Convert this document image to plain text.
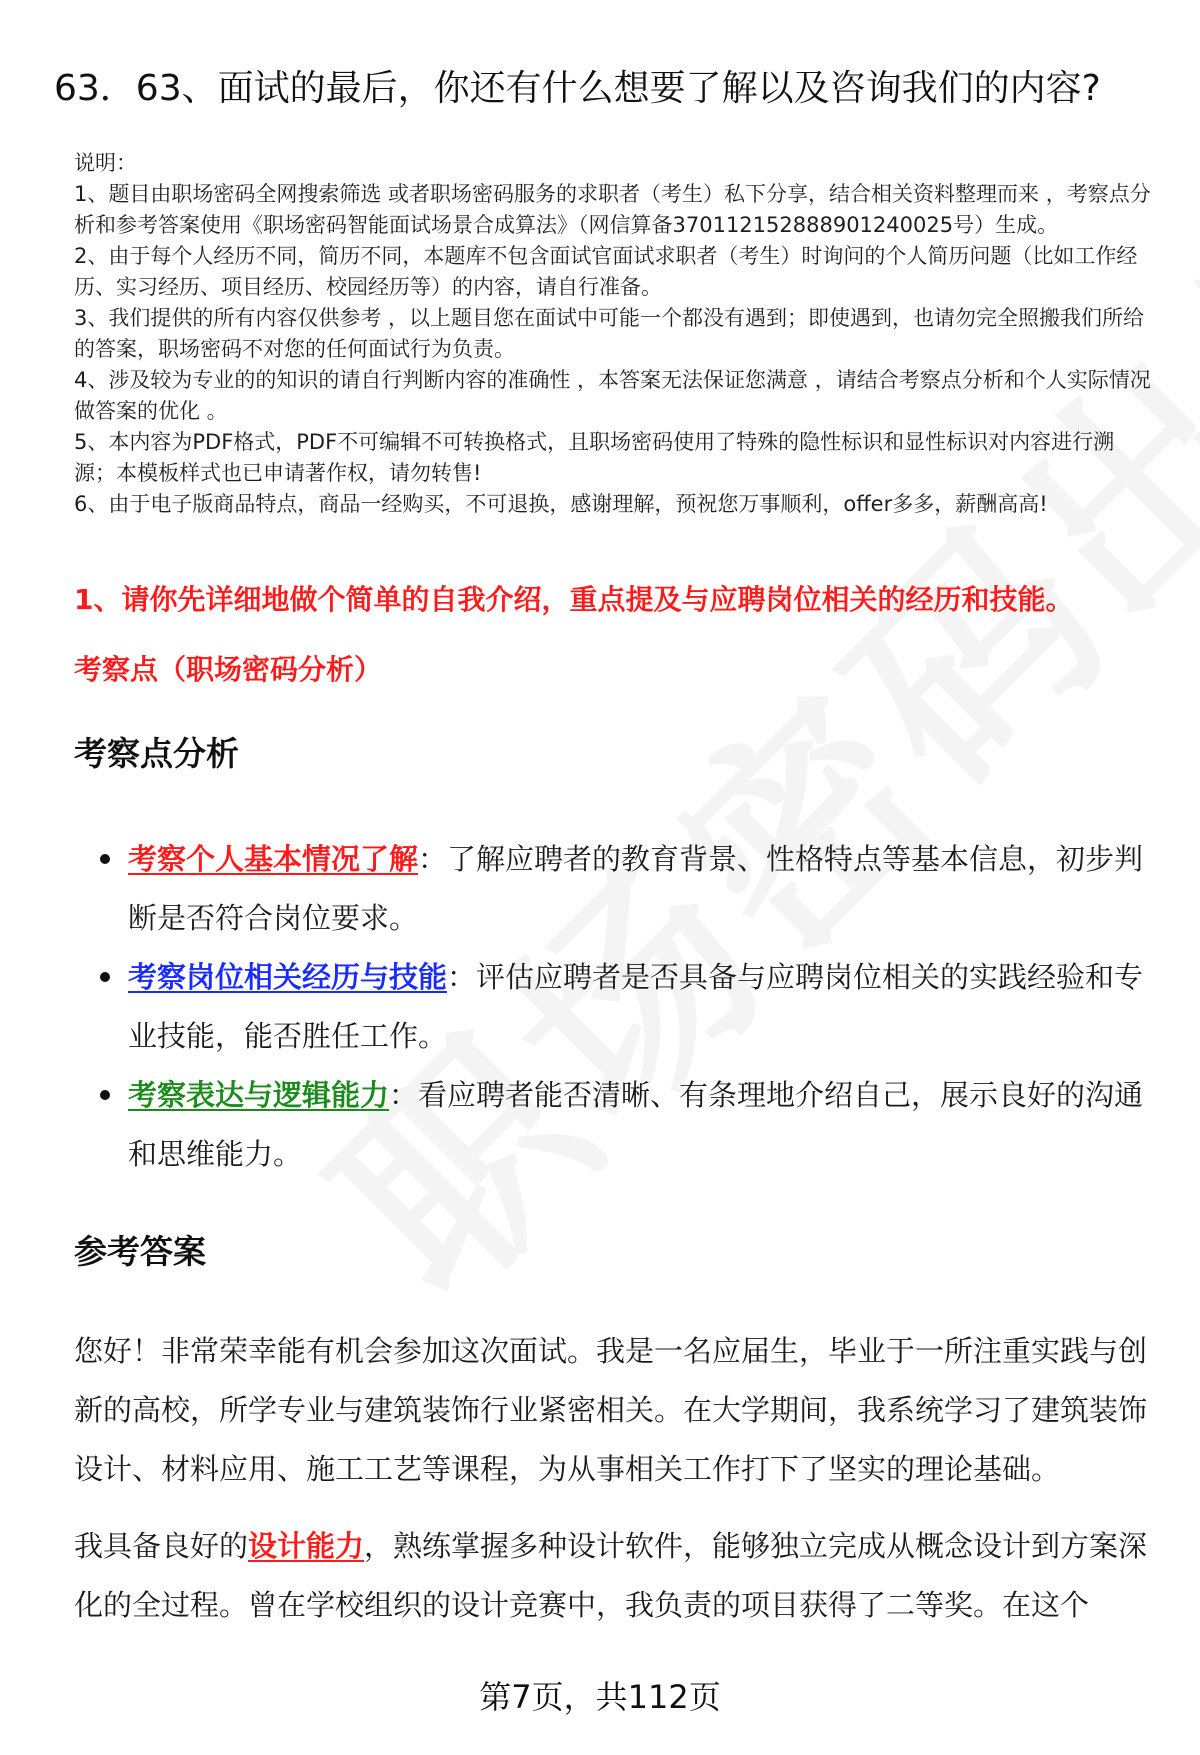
63．63、面试的最后，你还有什么想要了解以及咨询我们的内容?
说明：
1、题目由职场密码全网搜索筛选 或者职场密码服务的求职者（考生）私下分享，结合相关资料整理而来 ，考察点分析和参考答案使用《职场密码智能面试场景合成算法》（网信算备370112152888901240025号）生成。
2、由于每个人经历不同，简历不同，本题库不包含面试官面试求职者（考生）时询问的个人简历问题（比如工作经历、实习经历、项目经历、校园经历等）的内容，请自行准备。
3、我们提供的所有内容仅供参考 ，以上题目您在面试中可能一个都没有遇到；即使遇到，也请勿完全照搬我们所给的答案，职场密码不对您的任何面试行为负责。
4、涉及较为专业的的知识的请自行判断内容的准确性 ，本答案无法保证您满意 ，请结合考察点分析和个人实际情况做答案的优化 。
5、本内容为PDF格式，PDF不可编辑不可转换格式，且职场密码使用了特殊的隐性标识和显性标识对内容进行溯源；本模板样式也已申请著作权，请勿转售!
6、由于电子版商品特点，商品一经购买，不可退换，感谢理解，预祝您万事顺利，offer多多，薪酬高高!
1、请你先详细地做个简单的自我介绍，重点提及与应聘岗位相关的经历和技能。
考察点（职场密码分析）
考察点分析
考察个人基本情况了解：了解应聘者的教育背景、性格特点等基本信息，初步判断是否符合岗位要求。
考察岗位相关经历与技能：评估应聘者是否具备与应聘岗位相关的实践经验和专业技能，能否胜任工作。
考察表达与逻辑能力：看应聘者能否清晰、有条理地介绍自己，展示良好的沟通和思维能力。
参考答案

您好！非常荣幸能有机会参加这次面试。我是一名应届生，毕业于一所注重实践与创新的高校，所学专业与建筑装饰行业紧密相关。在大学期间，我系统学习了建筑装饰设计、材料应用、施工工艺等课程，为从事相关工作打下了坚实的理论基础。

我具备良好的设计能力，熟练掌握多种设计软件，能够独立完成从概念设计到方案深化的全过程。曾在学校组织的设计竞赛中，我负责的项目获得了二等奖。在这个

第7页，共112页
